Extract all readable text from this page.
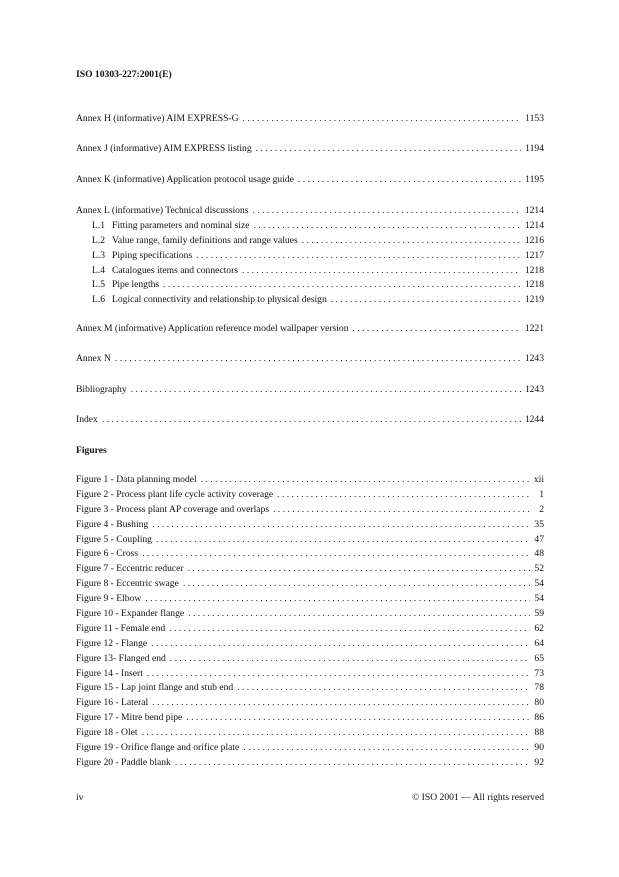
ISO 10303-227:2001(E)
Annex H (informative) AIM EXPRESS-G . . .	1153
Annex J (informative) AIM EXPRESS listing . . .	1194
Annex K (informative) Application protocol usage guide . . .	1195
Annex L (informative) Technical discussions . . .	1214
L.1 Fitting parameters and nominal size . . .	1214
L.2 Value range, family definitions and range values . . .	1216
L.3 Piping specifications . . .	1217
L.4 Catalogues items and connectors . . .	1218
L.5 Pipe lengths . . .	1218
L.6 Logical connectivity and relationship to physical design . . .	1219
Annex M (informative) Application reference model wallpaper version . . .	1221
Annex N . . .	1243
Bibliography . . .	1243
Index . . .	1244
Figures
Figure 1 - Data planning model . . .	xii
Figure 2 - Process plant life cycle activity coverage . . .	1
Figure 3 - Process plant AP coverage and overlaps . . .	2
Figure 4 - Bushing . . .	35
Figure 5 - Coupling . . .	47
Figure 6 - Cross . . .	48
Figure 7 - Eccentric reducer . . .	52
Figure 8 - Eccentric swage . . .	54
Figure 9 - Elbow . . .	54
Figure 10 - Expander flange . . .	59
Figure 11 - Female end . . .	62
Figure 12 - Flange . . .	64
Figure 13- Flanged end . . .	65
Figure 14 - Insert . . .	73
Figure 15 - Lap joint flange and stub end . . .	78
Figure 16 - Lateral . . .	80
Figure 17 - Mitre bend pipe . . .	86
Figure 18 - Olet . . .	88
Figure 19 - Orifice flange and orifice plate . . .	90
Figure 20 - Paddle blank . . .	92
iv	© ISO 2001 — All rights reserved
